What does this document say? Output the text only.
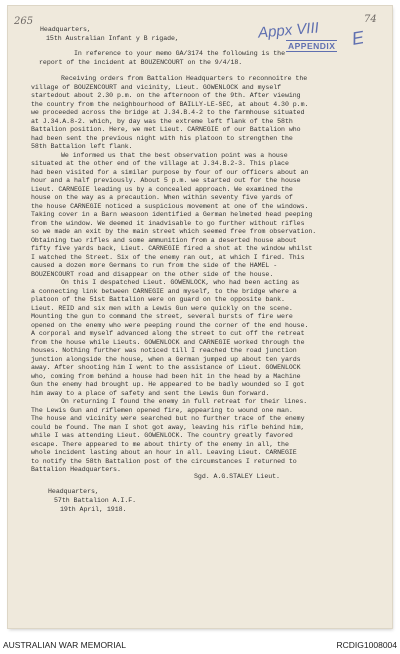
265	74
Appx VIII
APPENDIX E
Headquarters,
15th Australian Infant y B rigade,
In reference to your memo GA/3174 the following is the
report of the incident at BOUZENCOURT on the 9/4/18.
Receiving orders from Battalion Headquarters to reconnoitre the
village of BOUZENCOURT and vicinity, Lieut. GOWENLOCK and myself
startedout about 2.30 p.m. on the afternoon of the 9th. After viewing
the country from the neighbourhood of BAILLY-LE-SEC, at about 4.30 p.m.
we proceeded across the bridge at J.34.B.4-2 to the farmhouse situated
at J.34.A.8-2. which, by day was the extreme left flank of the 58th
Battalion position. Here, we met Lieut. CARNEGIE of our Battalion who
had been sent the previous night with his platoon to strengthen the
58th Battalion left flank.
We informed us that the best observation point was a house
situated at the other end of the village at J.34.B.2-3. This place
had been visited for a similar purpose by four of our officers about an
hour and a half previously. About 5 p.m. we started out for the house
Lieut. CARNEGIE leading us by a concealed approach. We examined the
house on the way as a precaution. When within seventy five yards of
the house CARNEGIE noticed a suspicious movement at one of the windows.
Taking cover in a Barn weasoon identified a German helmeted head peeping
from the window. We deemed it inadvisable to go further without rifles
so we made an exit by the main street which seemed free from observation.
Obtaining two rifles and some ammunition from a deserted house about
fifty five yards back, Lieut. CARNEGIE fired a shot at the window whilst
I watched the Street. Six of the enemy ran out, at which I fired. This
caused a dozen more Germans to run from the side of the HAMEL -
BOUZENCOURT road and disappear on the other side of the house.
On this I despatched Lieut. GOWENLOCK, who had been acting as
a connecting link between CARNEGIE and myself, to the bridge where a
platoon of the 51st Battalion were on guard on the opposite bank.
Lieut. REID and six men with a Lewis Gun were quickly on the scene.
Mounting the gun to command the street, several bursts of fire were
opened on the enemy who were peeping round the corner of the end house.
A corporal and myself advanced along the street to cut off the retreat
from the house while Lieuts. GOWENLOCK and CARNEGIE worked through the
houses. Nothing further was noticed till I reached the road junction
junction alongside the house, when a German jumped up about ten yards
away. After shooting him I went to the assistance of Lieut. GOWENLOCK
who, coming from behind a house had been hit in the head by a Machine
Gun the enemy had brought up. He appeared to be badly wounded so I got
him away to a place of safety and sent the Lewis Gun forward.
On returning I found the enemy in full retreat for their lines.
The Lewis Gun and riflemen opened fire, appearing to wound one man.
The house and vicinity were searched but no further trace of the enemy
could be found. The man I shot got away, leaving his rifle behind him,
while I was attending Lieut. GOWENLOCK. The country greatly favored
escape. There appeared to me about thirty of the enemy in all, the
whole incident lasting about an hour in all. Leaving Lieut. CARNEGIE
to notify the 58th Battalion post of the circumstances I returned to
Battalion Headquarters.
Sgd. A.G.STALEY Lieut.
Headquarters,
57th Battalion A.I.F.
19th April, 1918.
AUSTRALIAN WAR MEMORIAL	RCDIG1008004
